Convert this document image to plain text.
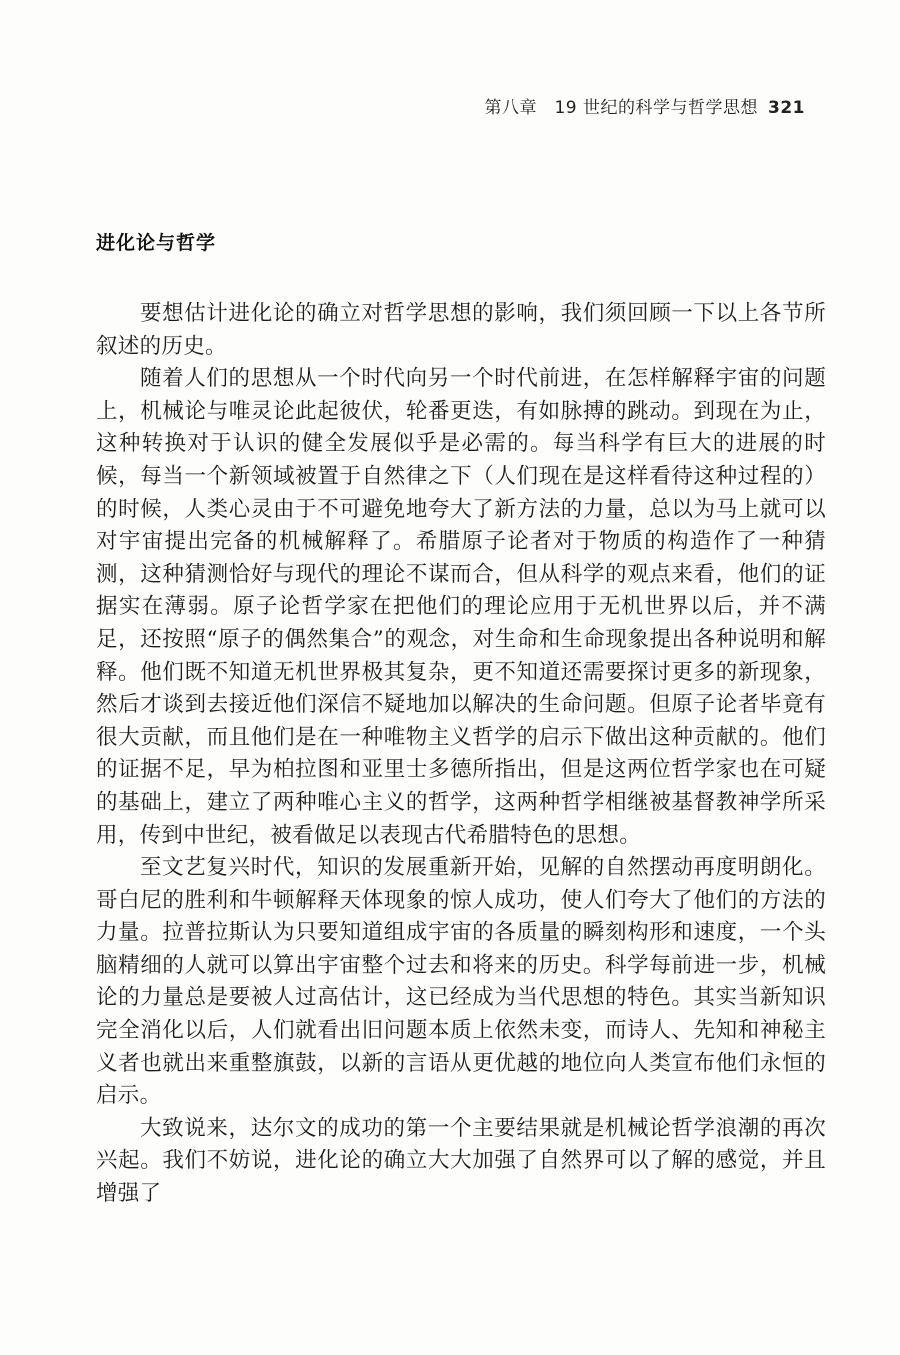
第八章　19 世纪的科学与哲学思想 321
进化论与哲学

要想估计进化论的确立对哲学思想的影响，我们须回顾一下以上各节所叙述的历史。

随着人们的思想从一个时代向另一个时代前进，在怎样解释宇宙的问题上，机械论与唯灵论此起彼伏，轮番更迭，有如脉搏的跳动。到现在为止，这种转换对于认识的健全发展似乎是必需的。每当科学有巨大的进展的时候，每当一个新领域被置于自然律之下（人们现在是这样看待这种过程的）的时候，人类心灵由于不可避免地夸大了新方法的力量，总以为马上就可以对宇宙提出完备的机械解释了。希腊原子论者对于物质的构造作了一种猜测，这种猜测恰好与现代的理论不谋而合，但从科学的观点来看，他们的证据实在薄弱。原子论哲学家在把他们的理论应用于无机世界以后，并不满足，还按照“原子的偶然集合”的观念，对生命和生命现象提出各种说明和解释。他们既不知道无机世界极其复杂，更不知道还需要探讨更多的新现象，然后才谈到去接近他们深信不疑地加以解决的生命问题。但原子论者毕竟有很大贡献，而且他们是在一种唯物主义哲学的启示下做出这种贡献的。他们的证据不足，早为柏拉图和亚里士多德所指出，但是这两位哲学家也在可疑的基础上，建立了两种唯心主义的哲学，这两种哲学相继被基督教神学所采用，传到中世纪，被看做足以表现古代希腊特色的思想。

至文艺复兴时代，知识的发展重新开始，见解的自然摆动再度明朗化。哥白尼的胜利和牛顿解释天体现象的惊人成功，使人们夸大了他们的方法的力量。拉普拉斯认为只要知道组成宇宙的各质量的瞬刻构形和速度，一个头脑精细的人就可以算出宇宙整个过去和将来的历史。科学每前进一步，机械论的力量总是要被人过高估计，这已经成为当代思想的特色。其实当新知识完全消化以后，人们就看出旧问题本质上依然未变，而诗人、先知和神秘主义者也就出来重整旗鼓，以新的言语从更优越的地位向人类宣布他们永恒的启示。

大致说来，达尔文的成功的第一个主要结果就是机械论哲学浪潮的再次兴起。我们不妨说，进化论的确立大大加强了自然界可以了解的感觉，并且增强了
